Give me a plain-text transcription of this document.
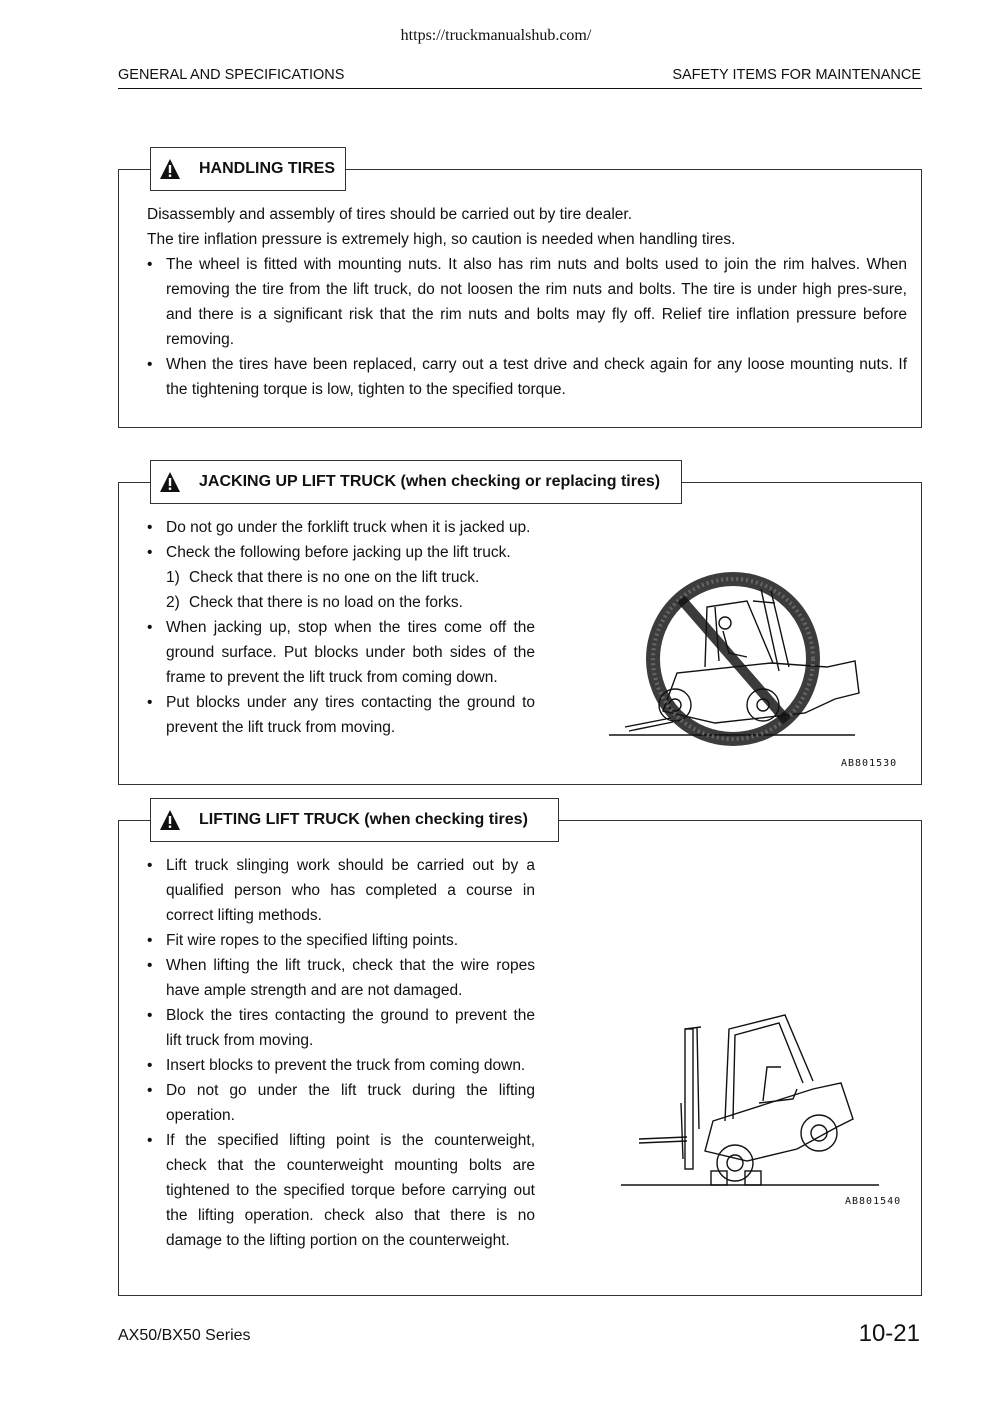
https://truckmanualshub.com/
GENERAL AND SPECIFICATIONS	SAFETY ITEMS FOR MAINTENANCE
HANDLING TIRES

Disassembly and assembly of tires should be carried out by tire dealer.

The tire inflation pressure is extremely high, so caution is needed when handling tires.

• The wheel is fitted with mounting nuts. It also has rim nuts and bolts used to join the rim halves. When removing the tire from the lift truck, do not loosen the rim nuts and bolts. The tire is under high pres-sure, and there is a significant risk that the rim nuts and bolts may fly off. Relief tire inflation pressure before removing.
• When the tires have been replaced, carry out a test drive and check again for any loose mounting nuts. If the tightening torque is low, tighten to the specified torque.
JACKING UP LIFT TRUCK (when checking or replacing tires)
• Do not go under the forklift truck when it is jacked up.
• Check the following before jacking up the lift truck.
1) Check that there is no one on the lift truck.
2) Check that there is no load on the forks.
• When jacking up, stop when the tires come off the ground surface. Put blocks under both sides of the frame to prevent the lift truck from coming down.
• Put blocks under any tires contacting the ground to prevent the lift truck from moving.
AB801530
LIFTING LIFT TRUCK (when checking tires)
• Lift truck slinging work should be carried out by a qualified person who has completed a course in correct lifting methods.
• Fit wire ropes to the specified lifting points.
• When lifting the lift truck, check that the wire ropes have ample strength and are not damaged.
• Block the tires contacting the ground to prevent the lift truck from moving.
• Insert blocks to prevent the truck from coming down.
• Do not go under the lift truck during the lifting operation.
• If the specified lifting point is the counterweight, check that the counterweight mounting bolts are tightened to the specified torque before carrying out the lifting operation. check also that there is no damage to the lifting portion on the counterweight.
AB801540
AX50/BX50 Series	10-21
